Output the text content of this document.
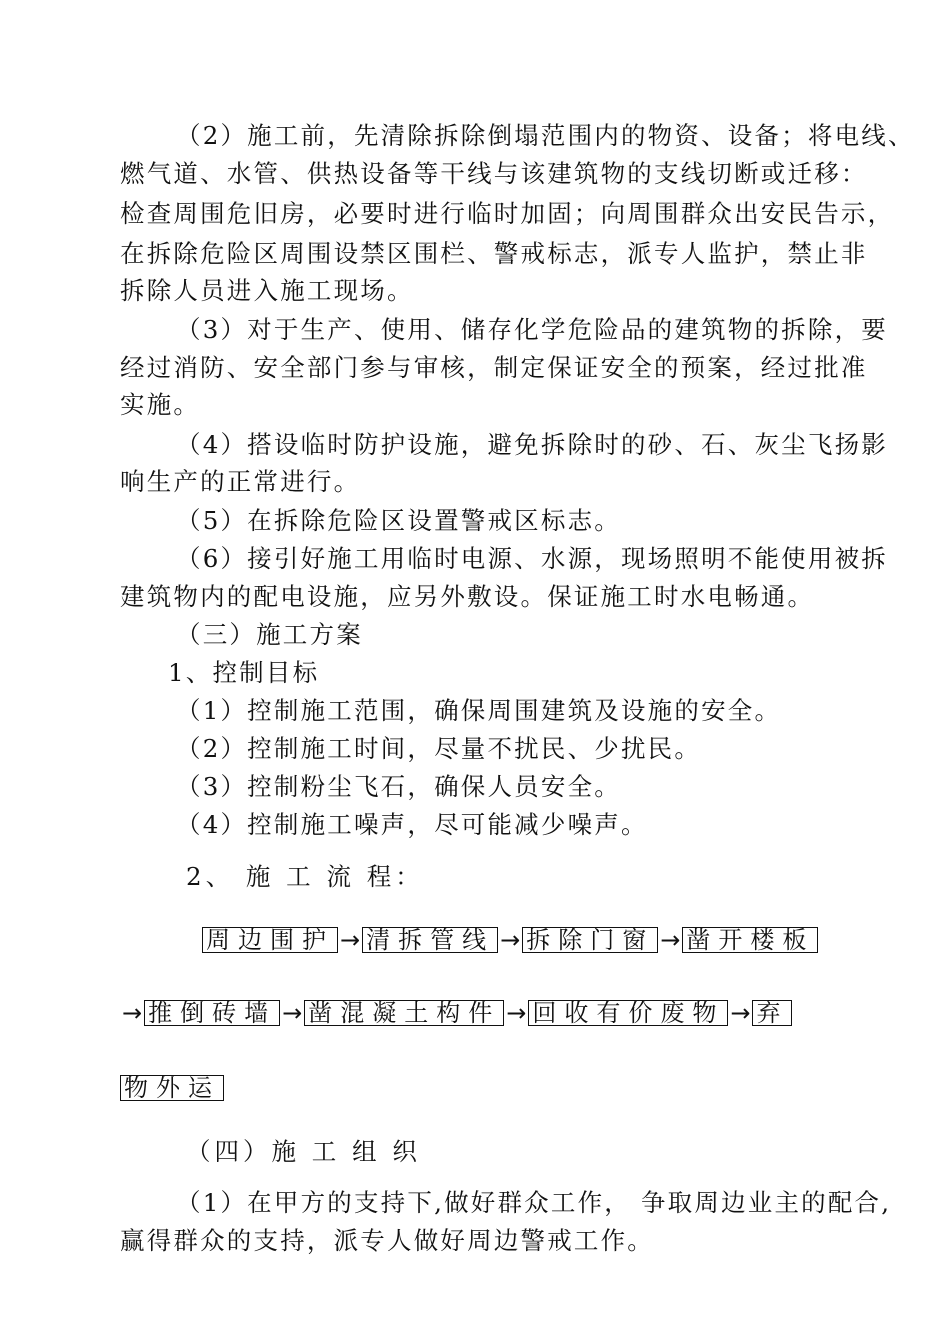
（2）施工前，先清除拆除倒塌范围内的物资、设备；将电线、

燃气道、水管、供热设备等干线与该建筑物的支线切断或迁移：

检查周围危旧房，必要时进行临时加固；向周围群众出安民告示，

在拆除危险区周围设禁区围栏、警戒标志，派专人监护，禁止非

拆除人员进入施工现场。

（3）对于生产、使用、储存化学危险品的建筑物的拆除，要

经过消防、安全部门参与审核，制定保证安全的预案，经过批准

实施。

（4）搭设临时防护设施，避免拆除时的砂、石、灰尘飞扬影

响生产的正常进行。

（5）在拆除危险区设置警戒区标志。

（6）接引好施工用临时电源、水源，现场照明不能使用被拆

建筑物内的配电设施，应另外敷设。保证施工时水电畅通。

（三）施工方案

1、控制目标

（1）控制施工范围，确保周围建筑及设施的安全。

（2）控制施工时间，尽量不扰民、少扰民。

（3）控制粉尘飞石，确保人员安全。

（4）控制施工噪声，尽可能减少噪声。

2、 施 工 流 程：

周边围护 → 清拆管线 → 拆除门窗 → 凿开楼板
→ 推倒砖墙 → 凿混凝土构件 → 回收有价废物 → 弃
物外运

（四）施 工 组 织

（1）在甲方的支持下,做好群众工作， 争取周边业主的配合,

赢得群众的支持，派专人做好周边警戒工作。
